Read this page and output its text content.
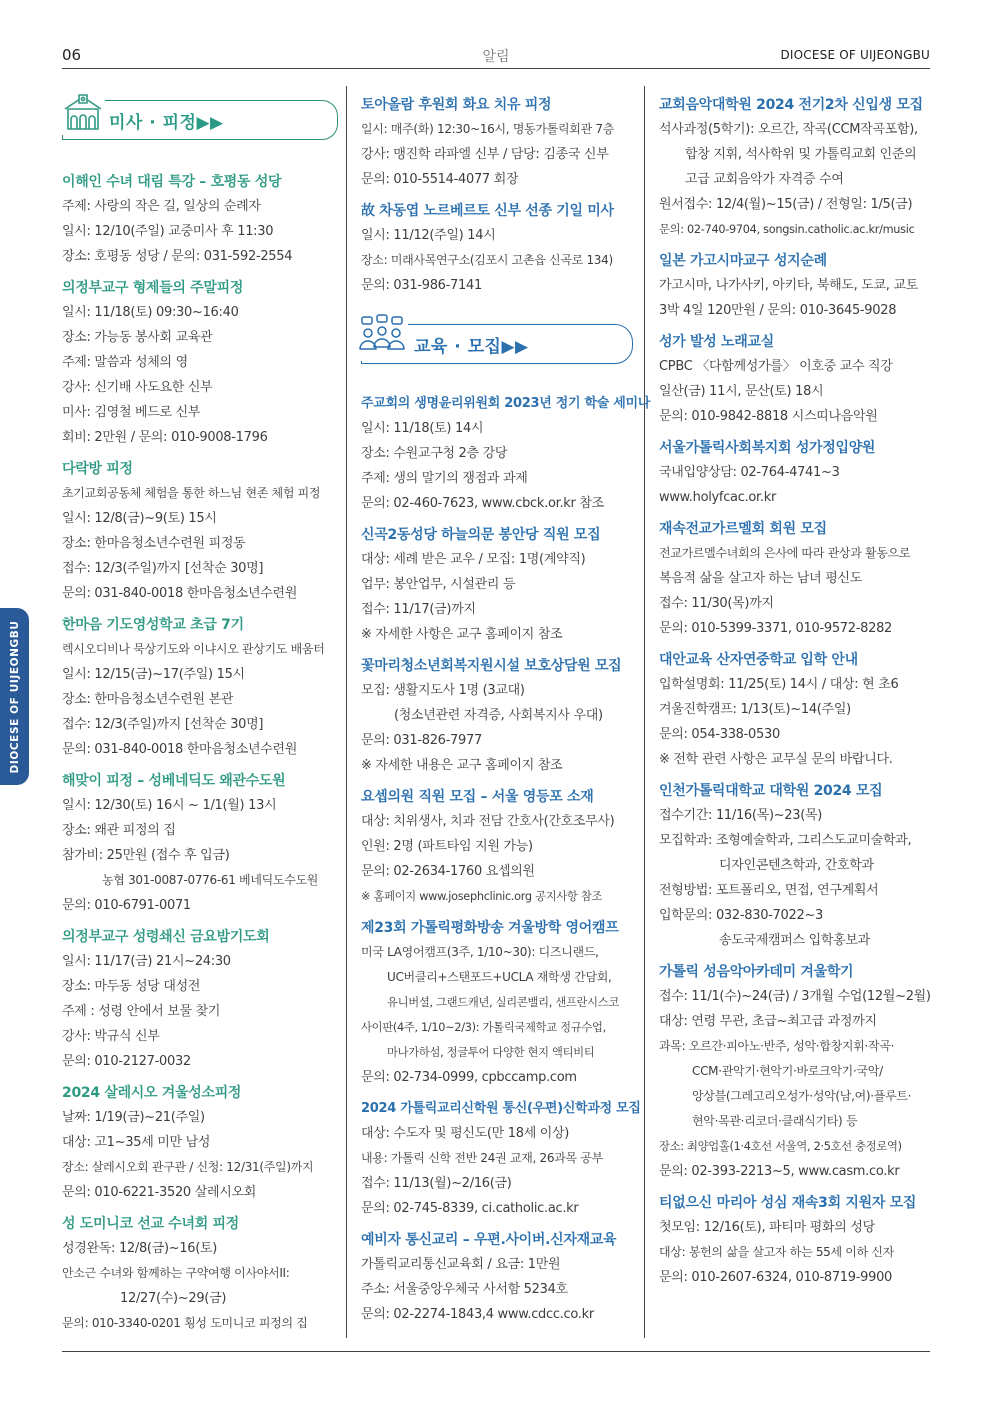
06	알림	DIOCESE OF UIJEONGBU
DIOCESE OF UIJEONGBU
미사 · 피정▶▶
이해인 수녀 대림 특강 – 호평동 성당
주제: 사랑의 작은 길, 일상의 순례자
일시: 12/10(주일) 교중미사 후 11:30
장소: 호평동 성당 / 문의: 031-592-2554
의정부교구 형제들의 주말피정
일시: 11/18(토) 09:30~16:40
장소: 가능동 봉사회 교육관
주제: 말씀과 성체의 영
강사: 신기배 사도요한 신부
미사: 김영철 베드로 신부
회비: 2만원 / 문의: 010-9008-1796
다락방 피정
초기교회공동체 체험을 통한 하느님 현존 체험 피정
일시: 12/8(금)~9(토) 15시
장소: 한마음청소년수련원 피정동
접수: 12/3(주일)까지 [선착순 30명]
문의: 031-840-0018 한마음청소년수련원
한마음 기도영성학교 초급 7기
렉시오디비나 묵상기도와 이냐시오 관상기도 배움터
일시: 12/15(금)~17(주일) 15시
장소: 한마음청소년수련원 본관
접수: 12/3(주일)까지 [선착순 30명]
문의: 031-840-0018 한마음청소년수련원
해맞이 피정 – 성베네딕도 왜관수도원
일시: 12/30(토) 16시 ~ 1/1(월) 13시
장소: 왜관 피정의 집
참가비: 25만원 (접수 후 입금)
농협 301-0087-0776-61 베네딕도수도원
문의: 010-6791-0071
의정부교구 성령쇄신 금요밤기도회
일시: 11/17(금) 21시~24:30
장소: 마두동 성당 대성전
주제 : 성령 안에서 보물 찾기
강사: 박규식 신부
문의: 010-2127-0032
2024 살레시오 겨울성소피정
날짜: 1/19(금)~21(주일)
대상: 고1~35세 미만 남성
장소: 살레시오회 관구관 / 신청: 12/31(주일)까지
문의: 010-6221-3520 살레시오회
성 도미니코 선교 수녀회 피정
성경완독: 12/8(금)~16(토)
안소근 수녀와 함께하는 구약여행 이사야서II:
12/27(수)~29(금)
문의: 010-3340-0201 횡성 도미니코 피정의 집
토아올람 후원회 화요 치유 피정
일시: 매주(화) 12:30~16시, 명동가톨릭회관 7층
강사: 맹진학 라파엘 신부 / 담당: 김종국 신부
문의: 010-5514-4077 회장
故 차동엽 노르베르토 신부 선종 기일 미사
일시: 11/12(주일) 14시
장소: 미래사목연구소(김포시 고촌읍 신곡로 134)
문의: 031-986-7141
교육 · 모집▶▶
주교회의 생명윤리위원회 2023년 정기 학술 세미나
일시: 11/18(토) 14시
장소: 수원교구청 2층 강당
주제: 생의 말기의 쟁점과 과제
문의: 02-460-7623, www.cbck.or.kr 참조
신곡2동성당 하늘의문 봉안당 직원 모집
대상: 세례 받은 교우 / 모집: 1명(계약직)
업무: 봉안업무, 시설관리 등
접수: 11/17(금)까지
※ 자세한 사항은 교구 홈페이지 참조
꽃마리청소년회복지원시설 보호상담원 모집
모집: 생활지도사 1명 (3교대)
(청소년관련 자격증, 사회복지사 우대)
문의: 031-826-7977
※ 자세한 내용은 교구 홈페이지 참조
요셉의원 직원 모집 – 서울 영등포 소재
대상: 치위생사, 치과 전담 간호사(간호조무사)
인원: 2명 (파트타임 지원 가능)
문의: 02-2634-1760 요셉의원
※ 홈페이지 www.josephclinic.org 공지사항 참조
제23회 가톨릭평화방송 겨울방학 영어캠프
미국 LA영어캠프(3주, 1/10~30): 디즈니랜드,
UC버클리+스탠포드+UCLA 재학생 간담회,
유니버셜, 그랜드캐년, 실리콘밸리, 샌프란시스코
사이판(4주, 1/10~2/3): 가톨릭국제학교 정규수업,
마나가하섬, 정글투어 다양한 현지 액티비티
문의: 02-734-0999, cpbccamp.com
2024 가톨릭교리신학원 통신(우편)신학과정 모집
대상: 수도자 및 평신도(만 18세 이상)
내용: 가톨릭 신학 전반 24권 교재, 26과목 공부
접수: 11/13(월)~2/16(금)
문의: 02-745-8339, ci.catholic.ac.kr
예비자 통신교리 – 우편.사이버.신자재교육
가톨릭교리통신교육회 / 요금: 1만원
주소: 서울중앙우체국 사서함 5234호
문의: 02-2274-1843,4 www.cdcc.co.kr
교회음악대학원 2024 전기2차 신입생 모집
석사과정(5학기): 오르간, 작곡(CCM작곡포함),
합창 지휘, 석사학위 및 가톨릭교회 인준의
고급 교회음악가 자격증 수여
원서접수: 12/4(월)~15(금) / 전형일: 1/5(금)
문의: 02-740-9704, songsin.catholic.ac.kr/music
일본 가고시마교구 성지순례
가고시마, 나가사키, 아키타, 북해도, 도쿄, 교토
3박 4일 120만원 / 문의: 010-3645-9028
성가 발성 노래교실
CPBC 〈다함께성가를〉 이호중 교수 직강
일산(금) 11시, 문산(토) 18시
문의: 010-9842-8818 시스띠나음악원
서울가톨릭사회복지회 성가정입양원
국내입양상담: 02-764-4741~3
www.holyfcac.or.kr
재속전교가르멜회 회원 모집
전교가르멜수녀회의 은사에 따라 관상과 활동으로
복음적 삶을 살고자 하는 남녀 평신도
접수: 11/30(목)까지
문의: 010-5399-3371, 010-9572-8282
대안교육 산자연중학교 입학 안내
입학설명회: 11/25(토) 14시 / 대상: 현 초6
겨울진학캠프: 1/13(토)~14(주일)
문의: 054-338-0530
※ 전학 관련 사항은 교무실 문의 바랍니다.
인천가톨릭대학교 대학원 2024 모집
접수기간: 11/16(목)~23(목)
모집학과: 조형예술학과, 그리스도교미술학과,
디자인콘텐츠학과, 간호학과
전형방법: 포트폴리오, 면접, 연구계획서
입학문의: 032-830-7022~3
송도국제캠퍼스 입학홍보과
가톨릭 성음악아카데미 겨울학기
접수: 11/1(수)~24(금) / 3개월 수업(12월~2월)
대상: 연령 무관, 초급~최고급 과정까지
과목: 오르간·피아노·반주, 성악·합창지휘·작곡·
CCM·관악기·현악기·바로크악기·국악/
앙상블(그레고리오성가·성악(남,여)·플루트·
현악·목관·리코더·클래식기타) 등
장소: 최양업홀(1·4호선 서울역, 2·5호선 충정로역)
문의: 02-393-2213~5, www.casm.co.kr
티없으신 마리아 성심 재속3회 지원자 모집
첫모임: 12/16(토), 파티마 평화의 성당
대상: 봉헌의 삶을 살고자 하는 55세 이하 신자
문의: 010-2607-6324, 010-8719-9900
